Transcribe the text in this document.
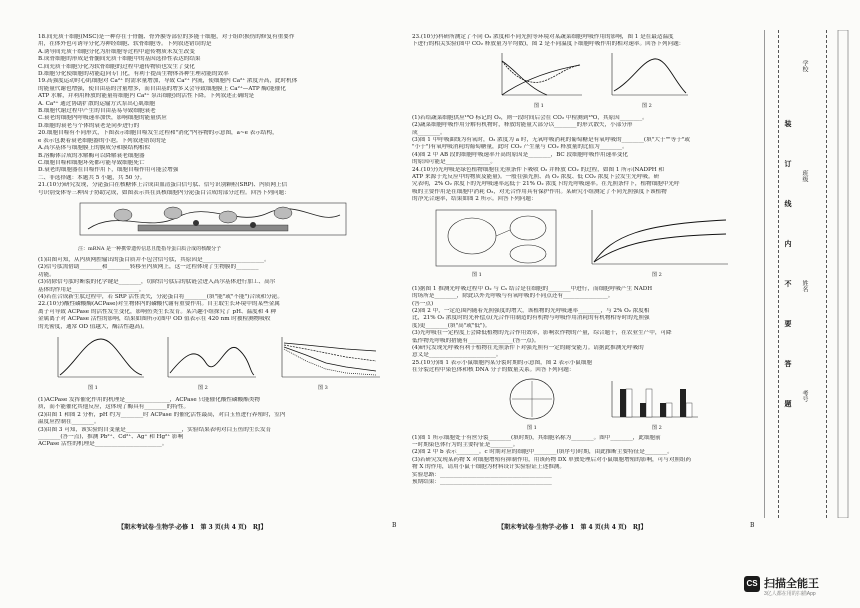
18.间充质干细胞(MSC)是一种存在于骨髓、骨外膜等部位的多能干细胞，对于组织损伤的修复有重要作

用，在体外也可诱导分化为神经细胞、软骨细胞等。下列叙述错误的是

A.诱导间充质干细胞分化为肝细胞等过程中遗传物质未发生改变

B.成骨细胞的形成是骨髓间充质干细胞中的基因选择性表达的结果

C.间充质干细胞分化为软骨细胞的过程中遗传物质也发生了变化

D.细胞分化使细胞的功能趋向专门化，有利于提高生物体各种生理功能的效率

19.高强度运动时心肌细胞对 Ca²⁺ 的需求量增加，导致 Ca²⁺ 内流，使细胞内 Ca²⁺ 浓度升高，此时机体

的能量代谢也增强，使自由基的含量增多，而自由基的增多又会导致细胞膜上 Ca²⁺—ATP 酶(能催化

ATP 水解，并利用释放的能量将细胞内 Ca²⁺ 泵出细胞)的活性下降。下列叙述正确的是

A. Ca²⁺ 通过协助扩散的运输方式泵出心肌细胞

B.细胞代谢过程中产生的自由基易导致细胞衰老

C.衰老的细胞内呼吸速率加快，影响细胞的能量供应

D.细胞的衰老与个体的衰老是同步进行的

20.细胞自噬有不同形式，下图表示细胞自噬发生过程和"消化"内容物的示意图，a~e 表示结构，

e 表示包裹着衰老细胞器的小泡。下列叙述错误的是

A.高尔基体与细胞膜上的膜成分和膜结构相似

B.溶酶体合成的水解酶可以降解衰老细胞器

C.细胞自噬和细胞坏死都可能导致细胞死亡

D.衰老的细胞器在自噬作用下，细胞自噬作用可能会增强

二、非选择题：本题共 5 小题，共 50 分。

21.(10分)研究发现，分泌蛋白在核糖体上合成由血清蛋白信号肽、信号识别颗粒(SRP)、内质网上信

号识别受体等三种因子协助完成，如图表示其在真核细胞内分泌蛋白合成的部分过程。回答下列问题：

注：mRNA 是一种携带遗传信息且能指导蛋白质合成的核酸分子

(1)由图可知，从内质网腔输出的蛋白质并不包含信号肽，其原因是______________________。

(2)信号肽需借助________和________转移至内质网上，这一过程体现了生物膜的________

功能。

(3)切除信号肽时断裂的化学键是________，切除信号肽后的肽链会进入高尔基体进行加工、高尔

基体的作用是________________________。

(4)若在合成新生肽过程中，若 SRP 活性丧失，分泌蛋白将________(填"能"或"不能")合成和分泌。

22.(10分)酸性磷酸酶(ACPase)对生物体内的磷酸代谢有重要作用。自主取生长环境中的某些金属

离子可导致 ACPase 的活性发生变化，影响鱼类生长发育。某兴趣小组探究了 pH、温度和 4 种

金属离子对 ACPase 活性的影响，结果如图所示(图中 OD 值表示在 420 nm 时被检测物吸收

的光密度，通常 OD 值越大，酶活性越高)。

图 1	图 2	图 3

(1)ACPase 发挥催化作用的机理是________________，ACPase 只能催化酸性磷酸酯类物

质，而不能催化其他反应，这体现了酶具有________的特性。

(2)由图 1 和图 2 分析，pH 约为________时 ACPase 的催化活性最高，对白玉鱼进行养殖时，室内

温度应控制在________。

(3)由图 3 可知，该实验的自变量是____________________，实验结果表明对白玉鱼的生长发育

________(答一点)，推测 Pb²⁺、Cd²⁺、Ag⁺ 和 Hg²⁺ 影响

ACPase 活性的机理是________________________。

【期末考试卷·生物学·必修 1　第 3 页(共 4 页)　RJ】	B

23.(10分)科研所测定了不同 O₂ 浓度和不同光照等环境对某蔬菜细胞呼吸作用的影响，图 1 是在最适温度

下进行的相关实验(图中 CO₂ 释放量为平均数)，图 2 是不同温度下细胞呼吸作用的相对速率。回答下列问题：

图 1	图 2

(1)若给蔬菜细胞供应¹⁸O 标记的 O₂，则一段时间后会在 CO₂ 中检测到¹⁸O，其原因________。

(2)蔬菜细胞呼吸作用分解有机物时，释放的能量大部分以________的形式散失，小部分形

成________。

(3)图 1 中呼吸曲线为有氧时，O₂ 浓度为 a 时，无氧呼吸消耗的葡萄糖是有氧呼吸的________(填"大于""等于"或

"小于")有氧呼吸消耗的葡萄糖量，此时 CO₂ 产生量与 CO₂ 释放量的比值为________。

(4)图 2 中 AB 段的细胞呼吸速率升高的原因是________，BC 段细胞呼吸作用速率变化

的原因可能是________________。

24.(10分)光呼吸是绿色植物细胞在光照条件下吸收 O₂ 并释放 CO₂ 的过程，如图 1 所示(NADPH 和

ATP 来源于光反应中的物质及能量)。一般在强光照、高 O₂ 浓度、低 CO₂ 浓度下会发生光呼吸。研

究表明，2% O₂ 浓度下的光呼吸速率远低于 21% O₂ 浓度下的光呼吸速率。在光照条件下，植物细胞中光呼

吸的主要作用是在细胞中消耗 O₂，对光合作用具有保护作用。某研究小组测定了不同光照强度下该植物

的净光合速率，结果如图 2 所示。回答下列问题：

图 1	图 2

(1)据图 1 推测光呼吸过程中 O₂ 与 C₅ 结合是在细胞的________中进行，而细胞呼吸产生 NADH

的场所是________，除此以外光呼吸与有氧呼吸的不同点还有________________。

(答一点)

(2)图 2 中，一定范围内随着光照强度的增大，该植物的光呼吸速率________，与 2% O₂ 浓度相

比，21% O₂ 浓度时的光补偿点(光合作用制造的有机物与呼吸作用消耗的有机物相等时的光照强

度)更________(填"高"或"低")。

(3)光呼吸在一定程度上会降低植物的光合作用效率，影响农作物的产量，综合题干，在农业生产中，可降

低作物光呼吸的措施有________________(答一点)。

(4)研究发现光呼吸有利于植物在光照条件下对强光照有一定的耐受能力。请据此推测光呼吸的

意义是________________________。

25.(10分)图 1 表示小鼠细胞内某分裂时期的示意图，图 2 表示小鼠细胞

在分裂过程中染色体和核 DNA 分子的数量关系。回答下列问题：

图 1	图 2

(1)图 1 所示细胞处于有丝分裂________(填时期)，其细胞名称为________。图中________，此细胞前

一时期染色体行为的主要特征是________。

(2)图 2 中 b 表示________。c 时期对应的细胞中________(填序号)时期，由此推断主要特征是________。

(3)若研究发现某药物 X 对细胞增殖有抑制作用，用该药物 DX 单独处理后对小鼠细胞增殖的影响，可与对照组药

物 X 的作用，请用小鼠干细胞为材料设计实验验证上述推测。

实验思路：________________________________________

预期结果：________________________________________

【期末考试卷·生物学·必修 1　第 4 页(共 4 页)　RJ】	B
装
订
线
内
不
要
答
题
学校
班级
姓名
考号
CS 扫描全能王
3亿人都在用的扫描App
